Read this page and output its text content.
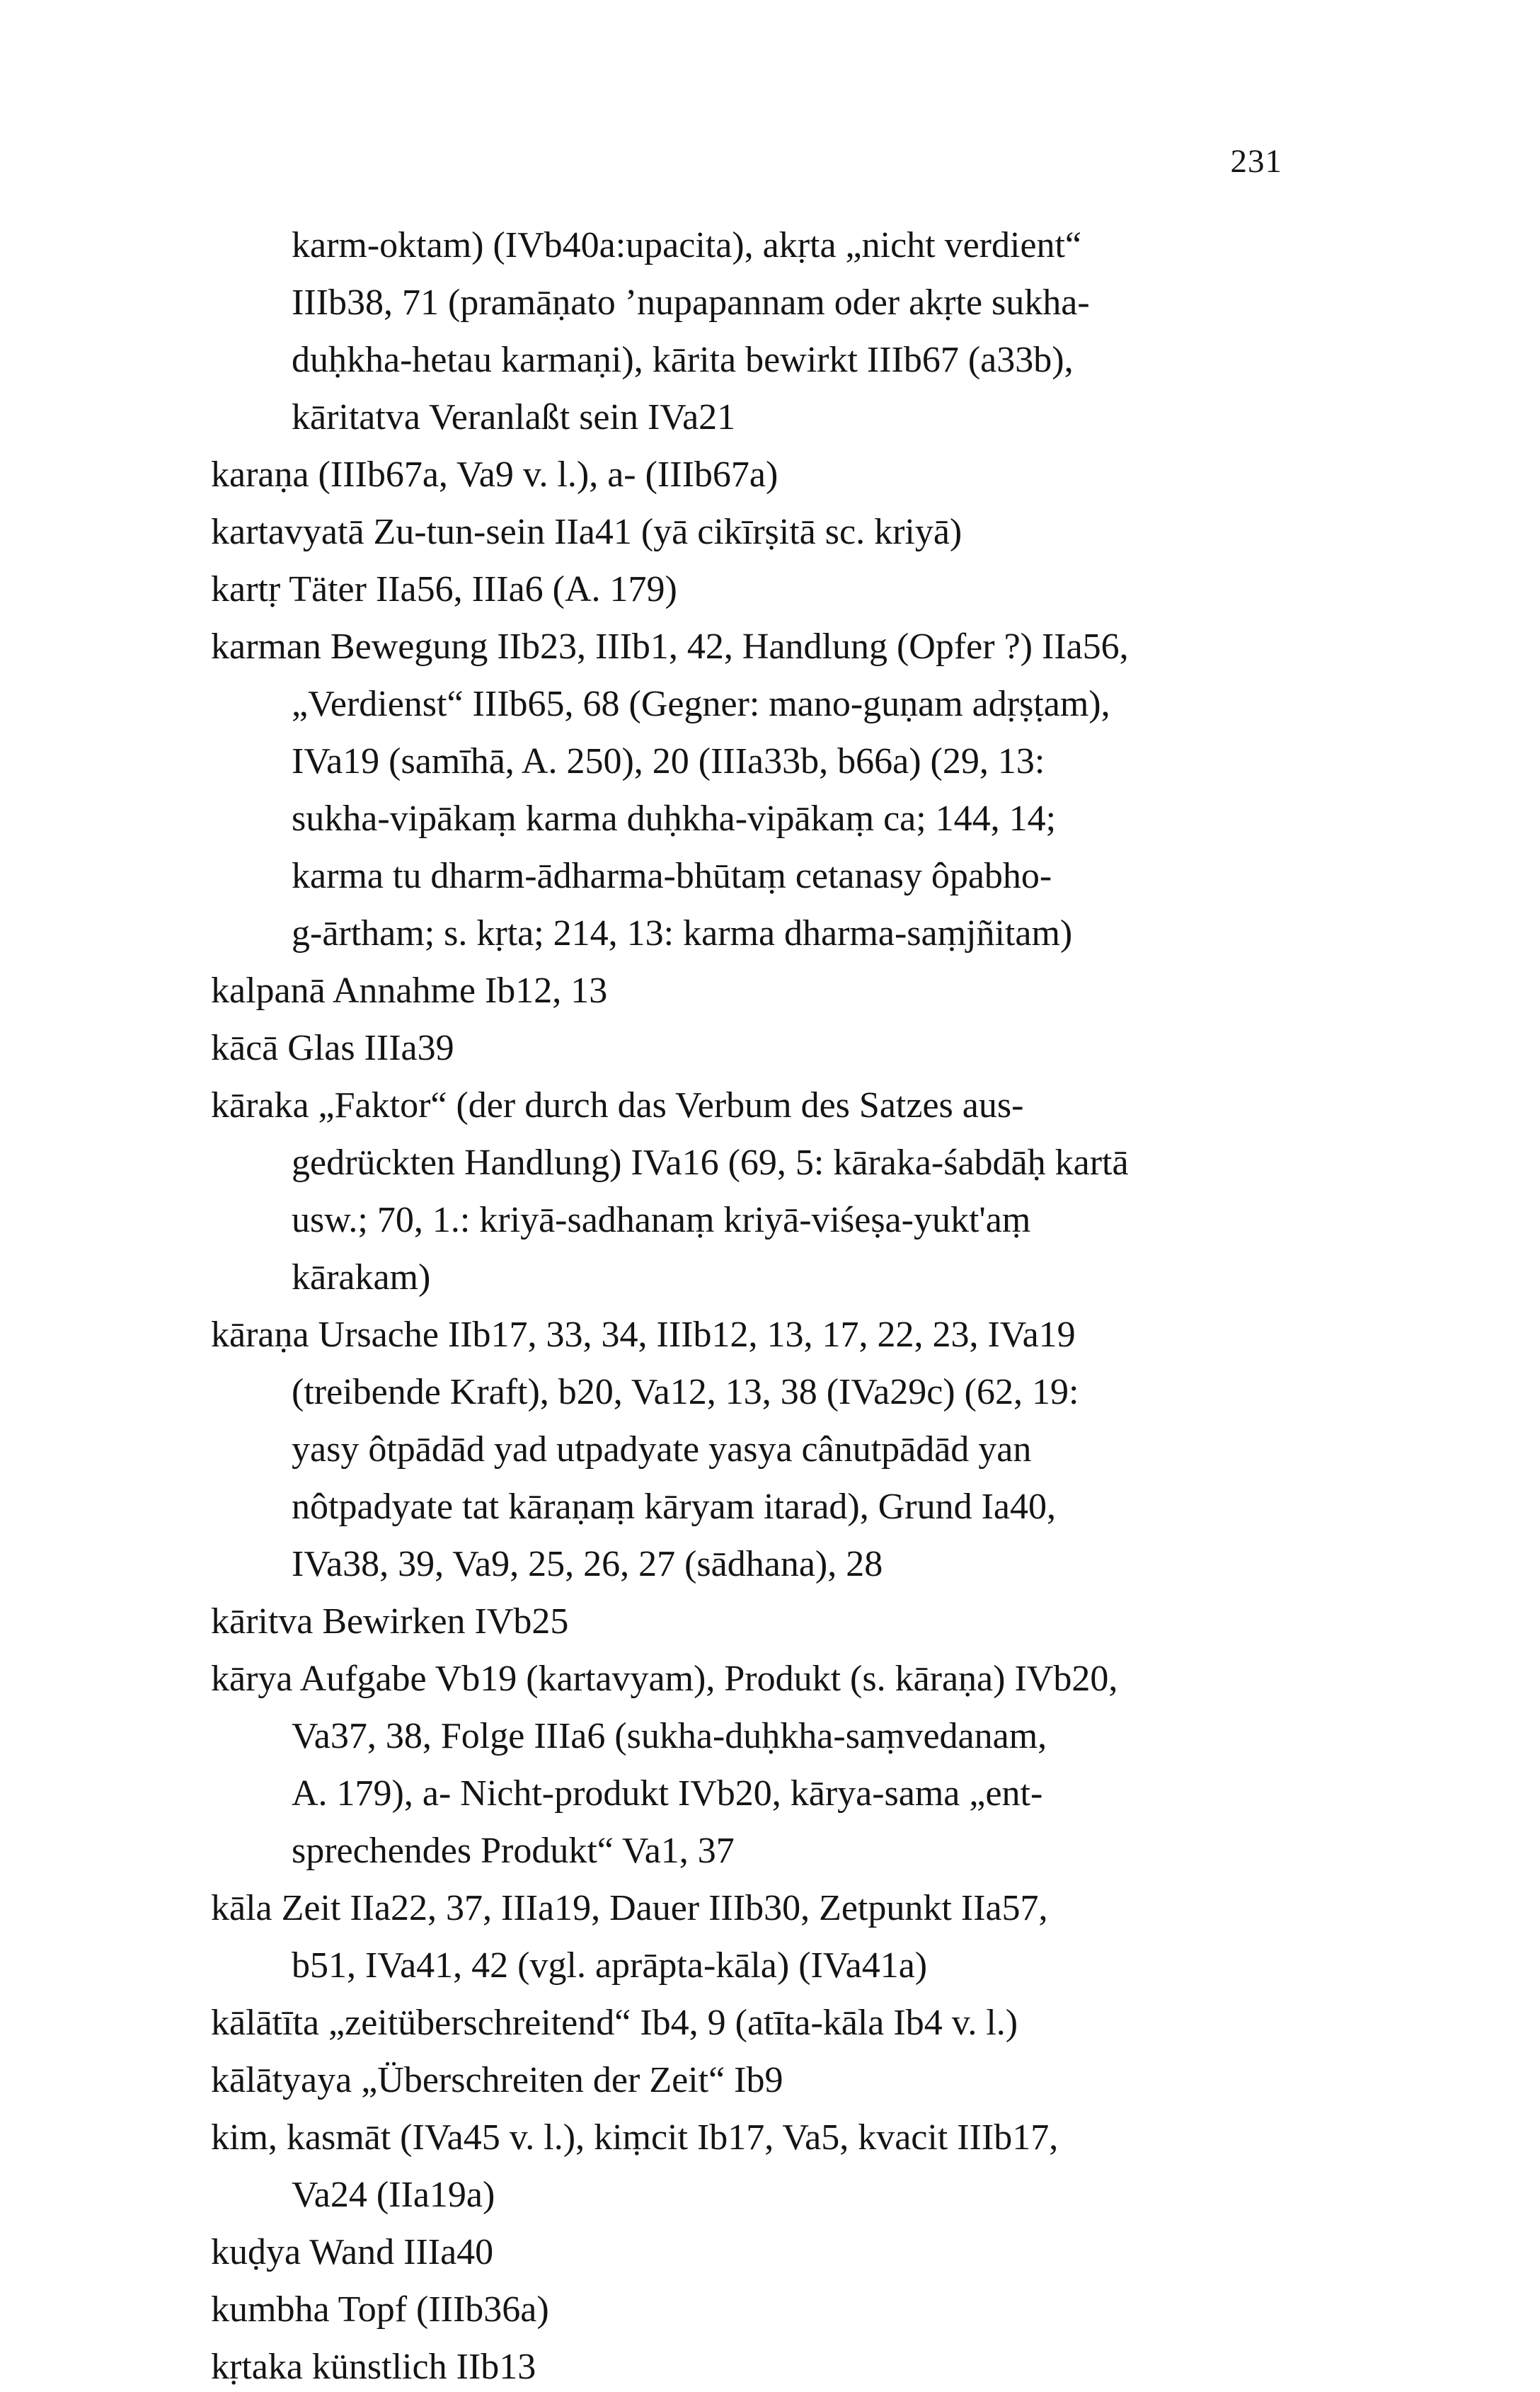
231
karm-oktam) (IVb40a:upacita), akṛta „nicht verdient“
IIIb38, 71 (pramāṇato ’nupapannam oder akṛte sukha-
duḥkha-hetau karmaṇi), kārita bewirkt IIIb67 (a33b),
kāritatva Veranlaßt sein IVa21
karaṇa (IIIb67a, Va9 v. l.), a- (IIIb67a)
kartavyatā Zu-tun-sein IIa41 (yā cikīrṣitā sc. kriyā)
kartṛ Täter IIa56, IIIa6 (A. 179)
karman Bewegung IIb23, IIIb1, 42, Handlung (Opfer ?) IIa56,
„Verdienst“ IIIb65, 68 (Gegner: mano-guṇam adṛṣṭam),
IVa19 (samīhā, A. 250), 20 (IIIa33b, b66a) (29, 13:
sukha-vipākaṃ karma duḥkha-vipākaṃ ca; 144, 14;
karma tu dharm-ādharma-bhūtaṃ cetanasy ôpabho-
g-ārtham; s. kṛta; 214, 13: karma dharma-saṃjñitam)
kalpanā Annahme Ib12, 13
kācā Glas IIIa39
kāraka „Faktor“ (der durch das Verbum des Satzes aus-
gedrückten Handlung) IVa16 (69, 5: kāraka-śabdāḥ kartā
usw.; 70, 1.: kriyā-sadhanaṃ kriyā-viśeṣa-yukt'aṃ
kārakam)
kāraṇa Ursache IIb17, 33, 34, IIIb12, 13, 17, 22, 23, IVa19
(treibende Kraft), b20, Va12, 13, 38 (IVa29c) (62, 19:
yasy ôtpādād yad utpadyate yasya cânutpādād yan
nôtpadyate tat kāraṇaṃ kāryam itarad), Grund Ia40,
IVa38, 39, Va9, 25, 26, 27 (sādhana), 28
kāritva Bewirken IVb25
kārya Aufgabe Vb19 (kartavyam), Produkt (s. kāraṇa) IVb20,
Va37, 38, Folge IIIa6 (sukha-duḥkha-saṃvedanam,
A. 179), a- Nicht-produkt IVb20, kārya-sama „ent-
sprechendes Produkt“ Va1, 37
kāla Zeit IIa22, 37, IIIa19, Dauer IIIb30, Zetpunkt IIa57,
b51, IVa41, 42 (vgl. aprāpta-kāla) (IVa41a)
kālātīta „zeitüberschreitend“ Ib4, 9 (atīta-kāla Ib4 v. l.)
kālātyaya „Überschreiten der Zeit“ Ib9
kim, kasmāt (IVa45 v. l.), kiṃcit Ib17, Va5, kvacit IIIb17,
Va24 (IIa19a)
kuḍya Wand IIIa40
kumbha Topf (IIIb36a)
kṛtaka künstlich IIb13
